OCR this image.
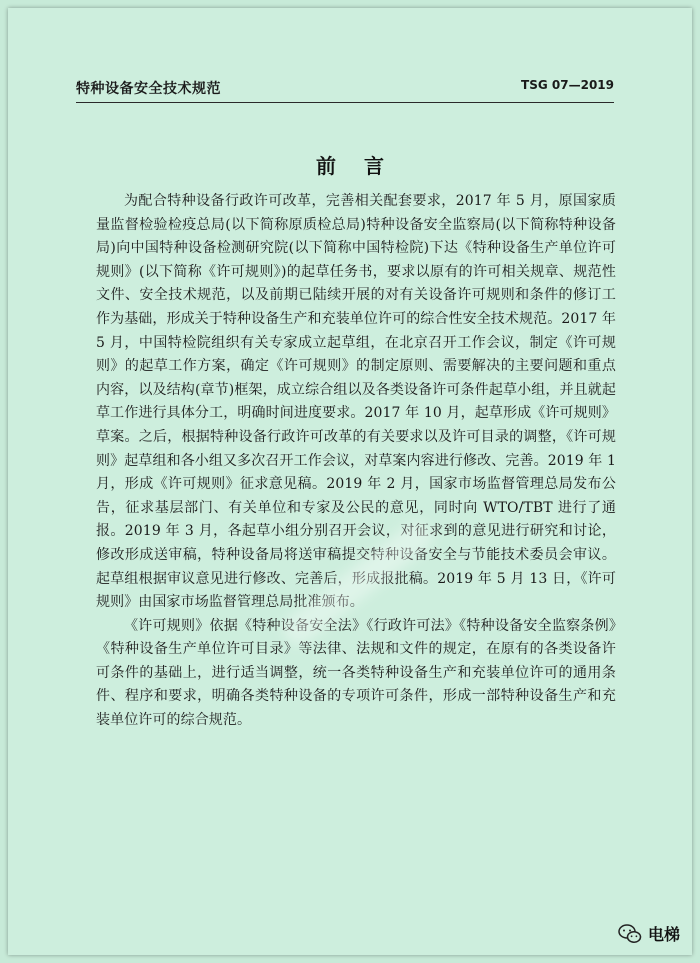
特种设备安全技术规范	TSG 07—2019
前言

为配合特种设备行政许可改革，完善相关配套要求，2017 年 5 月，原国家质量监督检验检疫总局(以下简称原质检总局)特种设备安全监察局(以下简称特种设备局)向中国特种设备检测研究院(以下简称中国特检院)下达《特种设备生产单位许可规则》(以下简称《许可规则》)的起草任务书，要求以原有的许可相关规章、规范性文件、安全技术规范，以及前期已陆续开展的对有关设备许可规则和条件的修订工作为基础，形成关于特种设备生产和充装单位许可的综合性安全技术规范。2017 年 5 月，中国特检院组织有关专家成立起草组，在北京召开工作会议，制定《许可规则》的起草工作方案，确定《许可规则》的制定原则、需要解决的主要问题和重点内容，以及结构(章节)框架，成立综合组以及各类设备许可条件起草小组，并且就起草工作进行具体分工，明确时间进度要求。2017 年 10 月，起草形成《许可规则》草案。之后，根据特种设备行政许可改革的有关要求以及许可目录的调整，《许可规则》起草组和各小组又多次召开工作会议，对草案内容进行修改、完善。2019 年 1 月，形成《许可规则》征求意见稿。2019 年 2 月，国家市场监督管理总局发布公告，征求基层部门、有关单位和专家及公民的意见，同时向 WTO/TBT 进行了通报。2019 年 3 月，各起草小组分别召开会议，对征求到的意见进行研究和讨论，修改形成送审稿，特种设备局将送审稿提交特种设备安全与节能技术委员会审议。起草组根据审议意见进行修改、完善后，形成报批稿。2019 年 5 月 13 日，《许可规则》由国家市场监督管理总局批准颁布。

《许可规则》依据《特种设备安全法》《行政许可法》《特种设备安全监察条例》《特种设备生产单位许可目录》等法律、法规和文件的规定，在原有的各类设备许可条件的基础上，进行适当调整，统一各类特种设备生产和充装单位许可的通用条件、程序和要求，明确各类特种设备的专项许可条件，形成一部特种设备生产和充装单位许可的综合规范。

电梯
